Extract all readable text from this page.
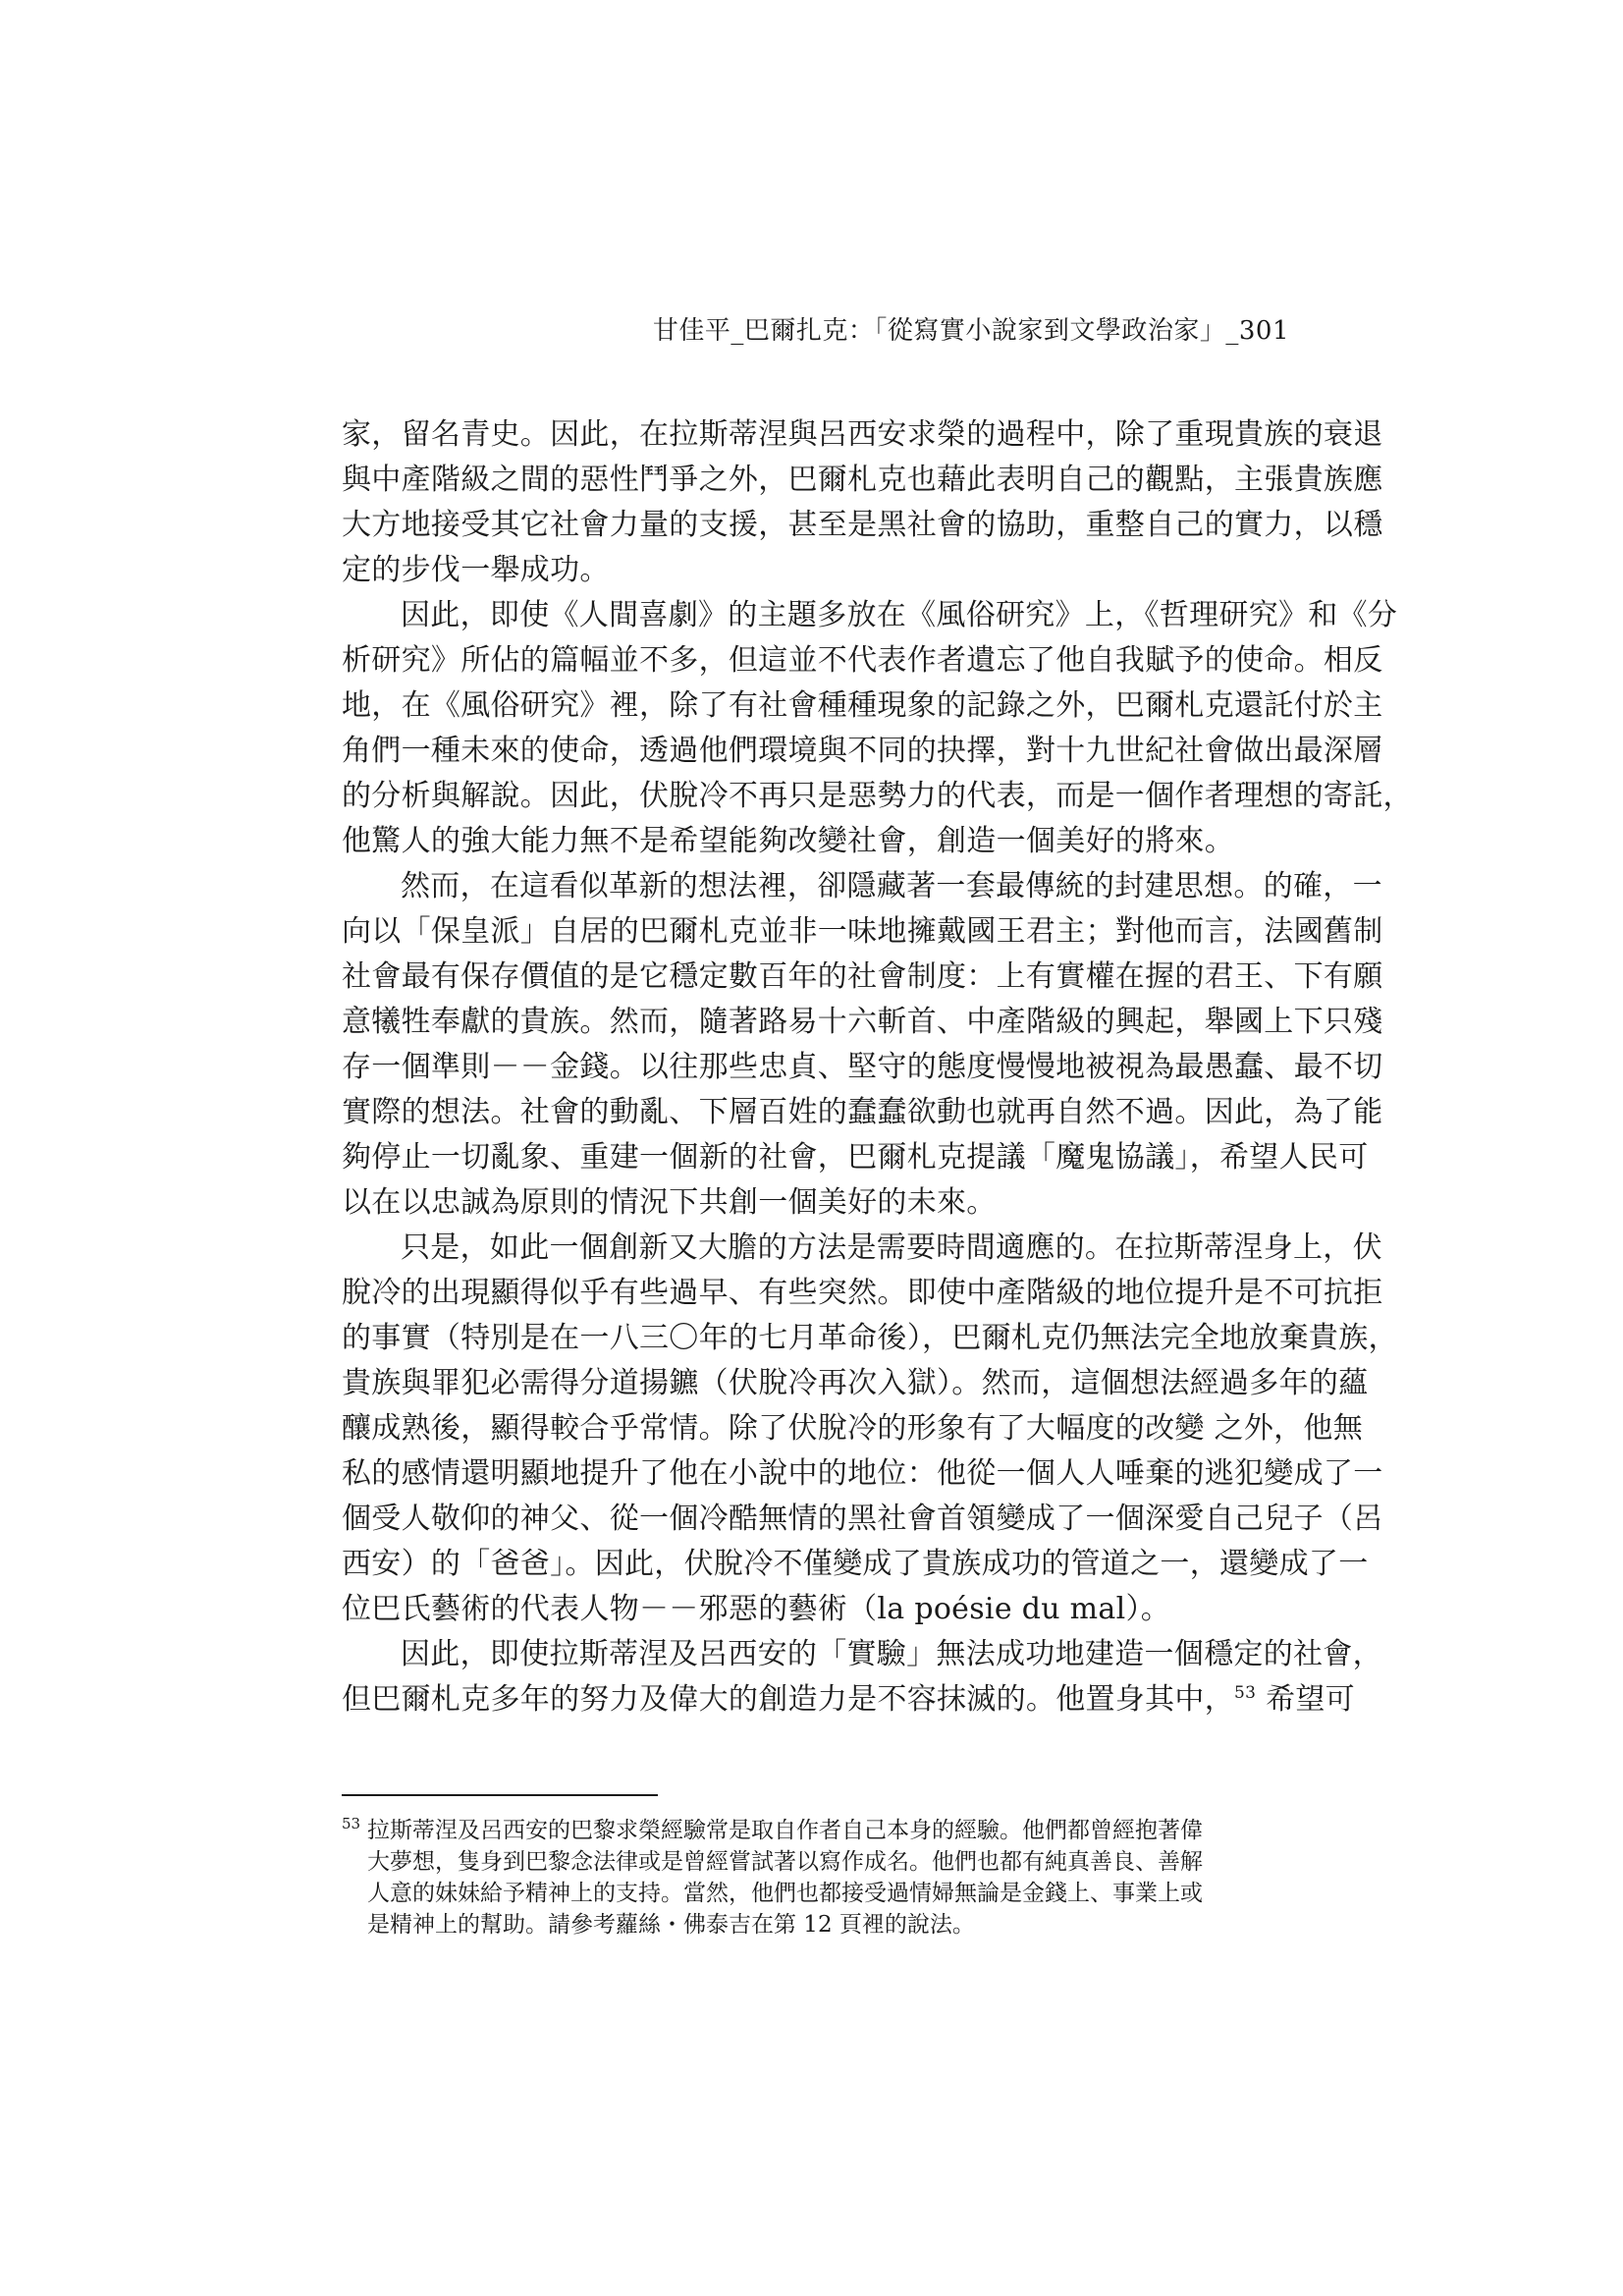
甘佳平_巴爾扎克：「從寫實小說家到文學政治家」_301
家，留名青史。因此，在拉斯蒂涅與呂西安求榮的過程中，除了重現貴族的衰退
與中產階級之間的惡性鬥爭之外，巴爾札克也藉此表明自己的觀點，主張貴族應
大方地接受其它社會力量的支援，甚至是黑社會的協助，重整自己的實力，以穩
定的步伐一舉成功。
因此，即使《人間喜劇》的主題多放在《風俗研究》上，《哲理研究》和《分
析研究》所佔的篇幅並不多，但這並不代表作者遺忘了他自我賦予的使命。相反
地，在《風俗研究》裡，除了有社會種種現象的記錄之外，巴爾札克還託付於主
角們一種未來的使命，透過他們環境與不同的抉擇，對十九世紀社會做出最深層
的分析與解說。因此，伏脫冷不再只是惡勢力的代表，而是一個作者理想的寄託，
他驚人的強大能力無不是希望能夠改變社會，創造一個美好的將來。
然而，在這看似革新的想法裡，卻隱藏著一套最傳統的封建思想。的確，一
向以「保皇派」自居的巴爾札克並非一味地擁戴國王君主；對他而言，法國舊制
社會最有保存價值的是它穩定數百年的社會制度：上有實權在握的君王、下有願
意犧牲奉獻的貴族。然而，隨著路易十六斬首、中產階級的興起，舉國上下只殘
存一個準則－－金錢。以往那些忠貞、堅守的態度慢慢地被視為最愚蠢、最不切
實際的想法。社會的動亂、下層百姓的蠢蠢欲動也就再自然不過。因此，為了能
夠停止一切亂象、重建一個新的社會，巴爾札克提議「魔鬼協議」，希望人民可
以在以忠誠為原則的情況下共創一個美好的未來。
只是，如此一個創新又大膽的方法是需要時間適應的。在拉斯蒂涅身上，伏
脫冷的出現顯得似乎有些過早、有些突然。即使中產階級的地位提升是不可抗拒
的事實（特別是在一八三〇年的七月革命後），巴爾札克仍無法完全地放棄貴族，
貴族與罪犯必需得分道揚鑣（伏脫冷再次入獄）。然而，這個想法經過多年的蘊
釀成熟後，顯得較合乎常情。除了伏脫冷的形象有了大幅度的改變 之外，他無
私的感情還明顯地提升了他在小說中的地位：他從一個人人唾棄的逃犯變成了一
個受人敬仰的神父、從一個冷酷無情的黑社會首領變成了一個深愛自己兒子（呂
西安）的「爸爸」。因此，伏脫冷不僅變成了貴族成功的管道之一，還變成了一
位巴氏藝術的代表人物－－邪惡的藝術（la poésie du mal）。
因此，即使拉斯蒂涅及呂西安的「實驗」無法成功地建造一個穩定的社會，
但巴爾札克多年的努力及偉大的創造力是不容抹滅的。他置身其中，$^{53}$ 希望可
53 拉斯蒂涅及呂西安的巴黎求榮經驗常是取自作者自己本身的經驗。他們都曾經抱著偉
大夢想，隻身到巴黎念法律或是曾經嘗試著以寫作成名。他們也都有純真善良、善解
人意的妹妹給予精神上的支持。當然，他們也都接受過情婦無論是金錢上、事業上或
是精神上的幫助。請參考蘿絲・佛泰吉在第 12 頁裡的說法。
